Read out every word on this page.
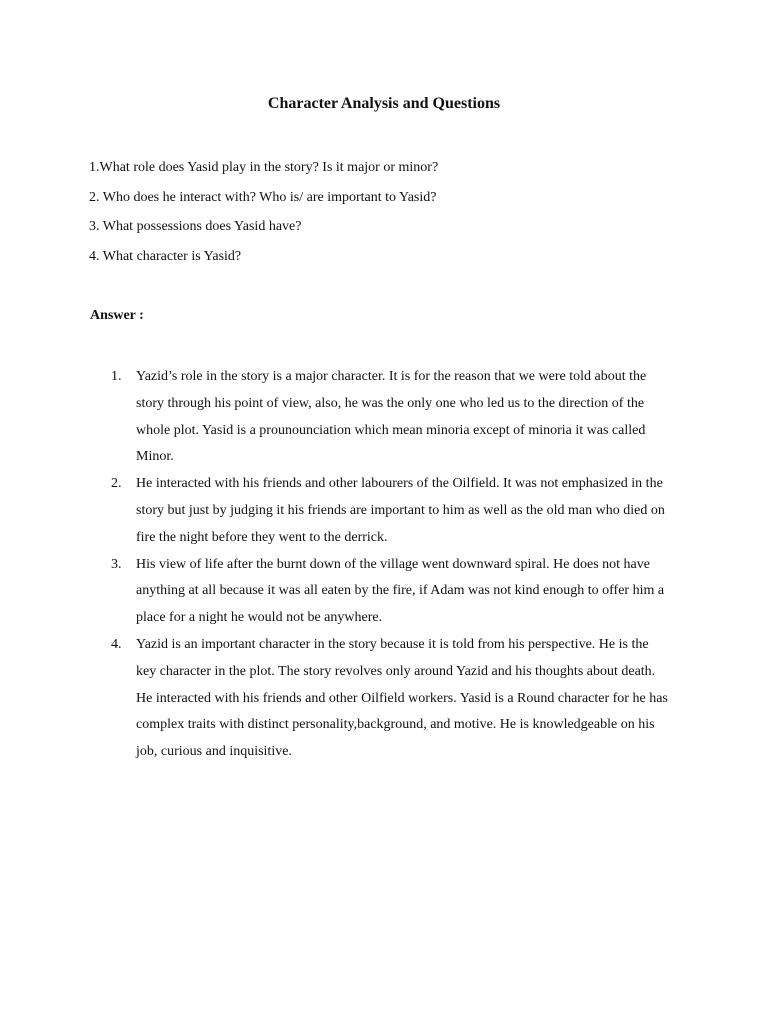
Character Analysis and Questions
1.What role does Yasid play in the story? Is it major or minor?
2. Who does he interact with? Who is/ are important to Yasid?
3. What possessions does Yasid have?
4. What character is Yasid?

Answer :

1. Yazid’s role in the story is a major character. It is for the reason that we were told about the story through his point of view, also, he was the only one who led us to the direction of the whole plot. Yasid is a prounounciation which mean minoria except of minoria it was called Minor.
2. He interacted with his friends and other labourers of the Oilfield. It was not emphasized in the story but just by judging it his friends are important to him as well as the old man who died on fire the night before they went to the derrick.
3. His view of life after the burnt down of the village went downward spiral. He does not have anything at all because it was all eaten by the fire, if Adam was not kind enough to offer him a place for a night he would not be anywhere.
4. Yazid is an important character in the story because it is told from his perspective. He is the key character in the plot. The story revolves only around Yazid and his thoughts about death. He interacted with his friends and other Oilfield workers. Yasid is a Round character for he has complex traits with distinct personality,background, and motive. He is knowledgeable on his job, curious and inquisitive.
